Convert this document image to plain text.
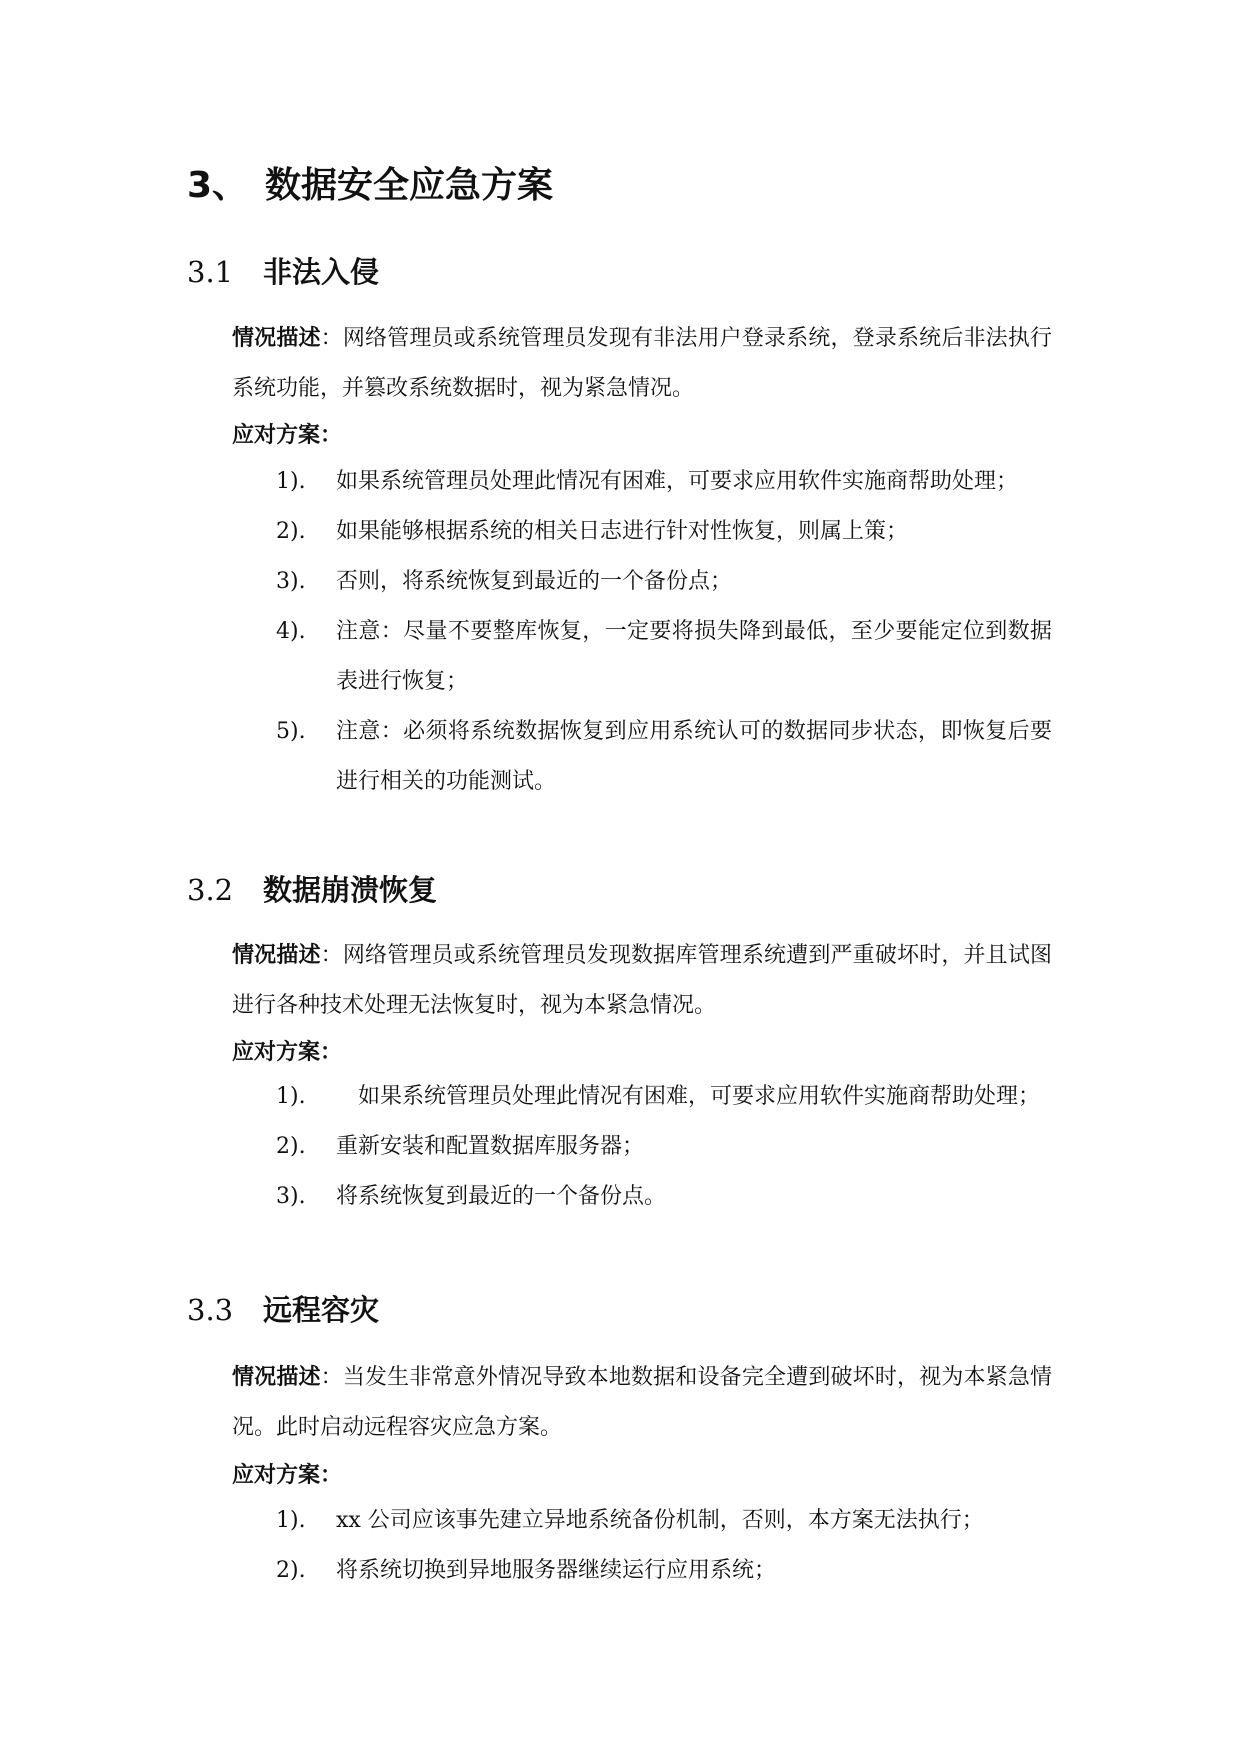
3、 数据安全应急方案
3.1 非法入侵

情况描述：网络管理员或系统管理员发现有非法用户登录系统，登录系统后非法执行系统功能，并篡改系统数据时，视为紧急情况。

应对方案：

1).	如果系统管理员处理此情况有困难，可要求应用软件实施商帮助处理；
2).	如果能够根据系统的相关日志进行针对性恢复，则属上策；
3).	否则，将系统恢复到最近的一个备份点；
4).	注意：尽量不要整库恢复，一定要将损失降到最低，至少要能定位到数据表进行恢复；
5).	注意：必须将系统数据恢复到应用系统认可的数据同步状态，即恢复后要进行相关的功能测试。
3.2 数据崩溃恢复

情况描述：网络管理员或系统管理员发现数据库管理系统遭到严重破坏时，并且试图进行各种技术处理无法恢复时，视为本紧急情况。

应对方案：

1).	　如果系统管理员处理此情况有困难，可要求应用软件实施商帮助处理；
2).	重新安装和配置数据库服务器；
3).	将系统恢复到最近的一个备份点。
3.3 远程容灾

情况描述：当发生非常意外情况导致本地数据和设备完全遭到破坏时，视为本紧急情况。此时启动远程容灾应急方案。

应对方案：

1).	xx 公司应该事先建立异地系统备份机制，否则，本方案无法执行；
2).	将系统切换到异地服务器继续运行应用系统；
